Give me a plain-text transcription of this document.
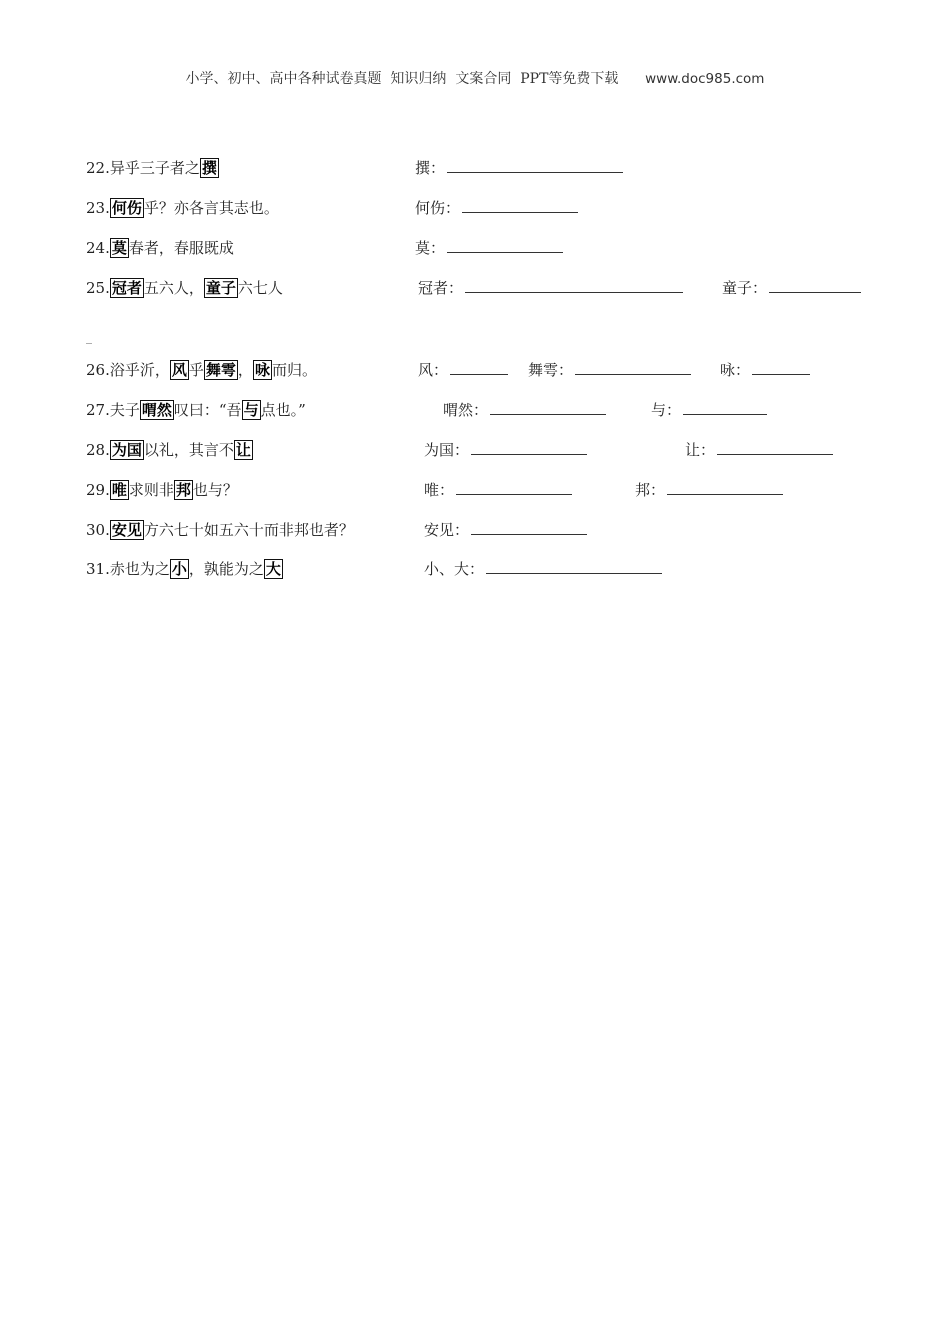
小学、初中、高中各种试卷真题  知识归纳  文案合同  PPT等免费下载 www.doc985.com
22.异乎三子者之 撰	撰：
23. 何伤 乎？亦各言其志也。	何伤：
24. 莫 春者，春服既成	莫：
25. 冠者 五六人， 童子 六七人	冠者：	童子：
_
26.浴乎沂， 风 乎 舞雩 ， 咏 而归。	风：	舞雩：	咏：
27.夫子 喟然 叹曰：“吾 与 点也。”	喟然：	与：
28. 为国 以礼，其言不 让	为国：	让：
29. 唯 求则非 邦 也与？	唯：	邦：
30. 安见 方六七十如五六十而非邦也者？	安见：
31.赤也为之 小 ，孰能为之 大	小、大：
